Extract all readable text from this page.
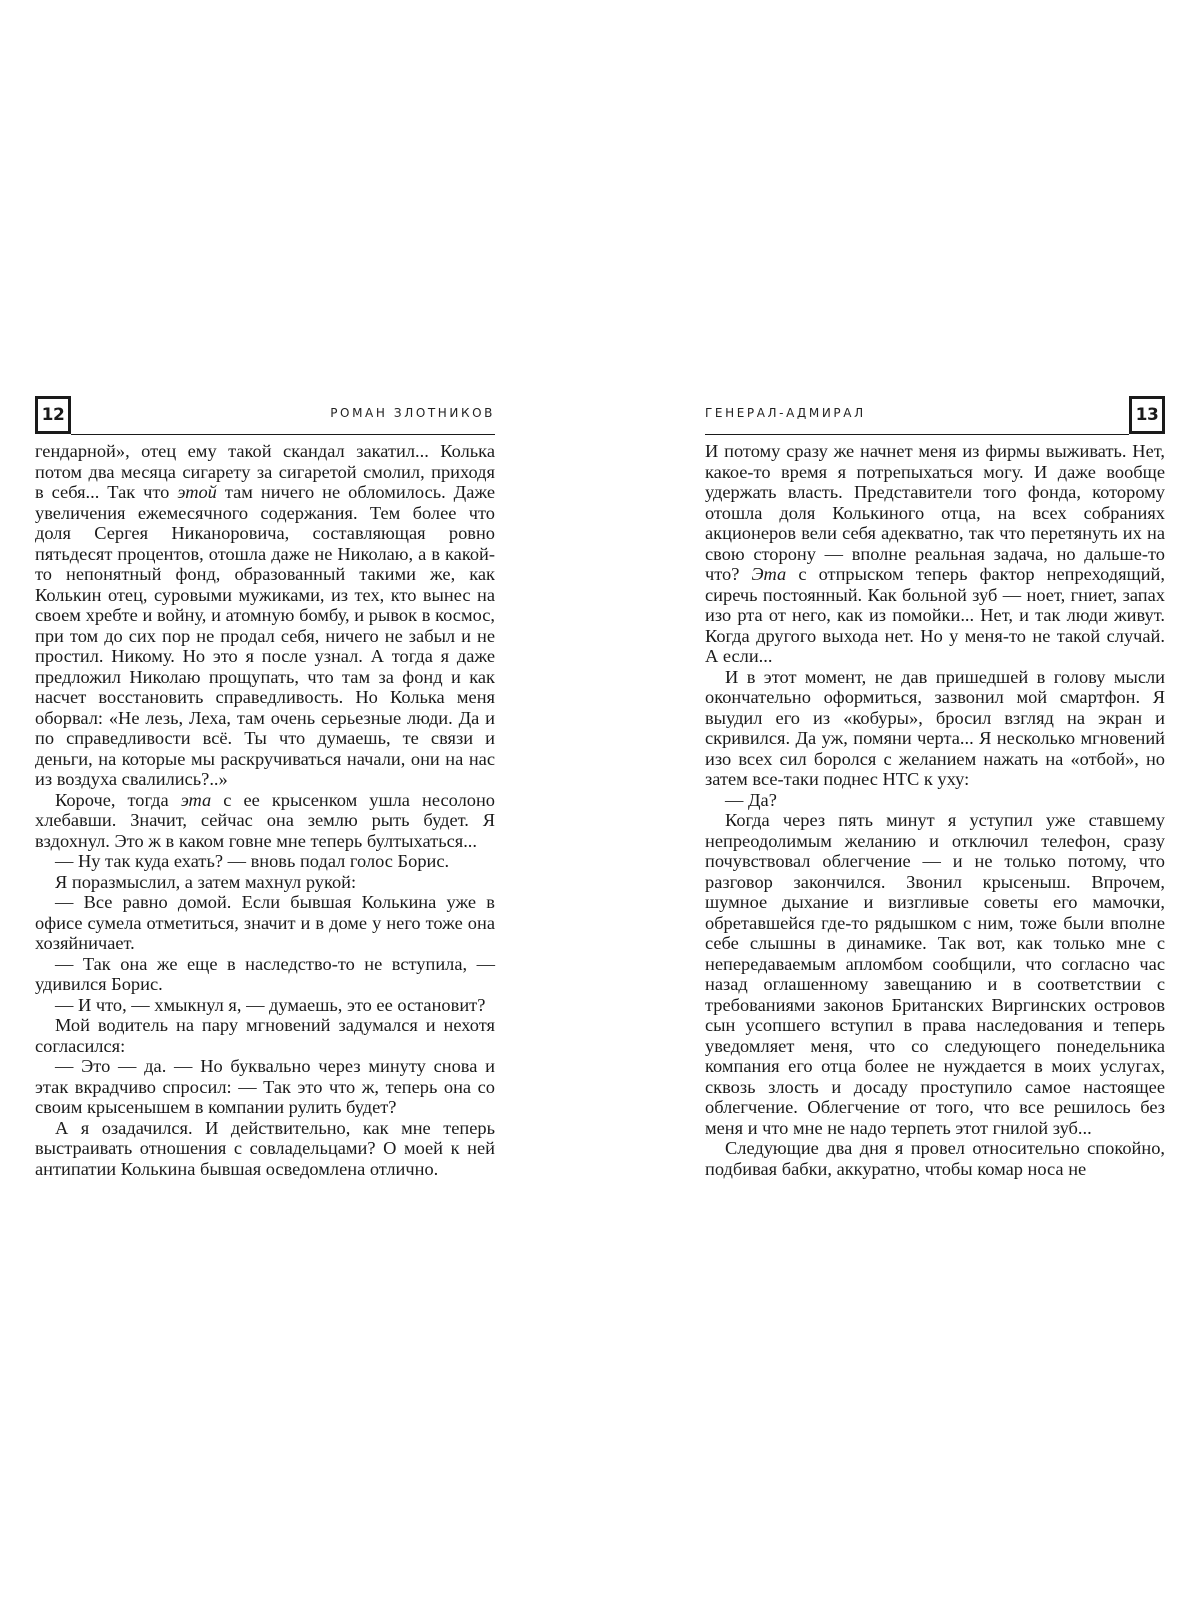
12	РОМАН ЗЛОТНИКОВ

гендарной», отец ему такой скандал закатил... Колька потом два месяца сигарету за сигаретой смолил, приходя в себя... Так что этой там ничего не обломилось. Даже увеличения ежемесячного содержания. Тем более что доля Сергея Никаноровича, составляющая ровно пятьдесят процентов, отошла даже не Николаю, а в какой-то непонятный фонд, образованный такими же, как Колькин отец, суровыми мужиками, из тех, кто вынес на своем хребте и войну, и атомную бомбу, и рывок в космос, при том до сих пор не продал себя, ничего не забыл и не простил. Никому. Но это я после узнал. А тогда я даже предложил Николаю прощупать, что там за фонд и как насчет восстановить справедливость. Но Колька меня оборвал: «Не лезь, Леха, там очень серьезные люди. Да и по справедливости всё. Ты что думаешь, те связи и деньги, на которые мы раскручиваться начали, они на нас из воздуха свалились?..»

Короче, тогда эта с ее крысенком ушла несолоно хлебавши. Значит, сейчас она землю рыть будет. Я вздохнул. Это ж в каком говне мне теперь бултыхаться...

— Ну так куда ехать? — вновь подал голос Борис.

Я поразмыслил, а затем махнул рукой:

— Все равно домой. Если бывшая Колькина уже в офисе сумела отметиться, значит и в доме у него тоже она хозяйничает.

— Так она же еще в наследство-то не вступила, — удивился Борис.

— И что, — хмыкнул я, — думаешь, это ее остановит?

Мой водитель на пару мгновений задумался и нехотя согласился:

— Это — да. — Но буквально через минуту снова и этак вкрадчиво спросил: — Так это что ж, теперь она со своим крысенышем в компании рулить будет?

А я озадачился. И действительно, как мне теперь выстраивать отношения с совладельцами? О моей к ней антипатии Колькина бывшая осведомлена отлично.

ГЕНЕРАЛ-АДМИРАЛ	13

И потому сразу же начнет меня из фирмы выживать. Нет, какое-то время я потрепыхаться могу. И даже вообще удержать власть. Представители того фонда, которому отошла доля Колькиного отца, на всех собраниях акционеров вели себя адекватно, так что перетянуть их на свою сторону — вполне реальная задача, но дальше-то что? Эта с отпрыском теперь фактор непреходящий, сиречь постоянный. Как больной зуб — ноет, гниет, запах изо рта от него, как из помойки... Нет, и так люди живут. Когда другого выхода нет. Но у меня-то не такой случай. А если...

И в этот момент, не дав пришедшей в голову мысли окончательно оформиться, зазвонил мой смартфон. Я выудил его из «кобуры», бросил взгляд на экран и скривился. Да уж, помяни черта... Я несколько мгновений изо всех сил боролся с желанием нажать на «отбой», но затем все-таки поднес HTC к уху:

— Да?

Когда через пять минут я уступил уже ставшему непреодолимым желанию и отключил телефон, сразу почувствовал облегчение — и не только потому, что разговор закончился. Звонил крысеныш. Впрочем, шумное дыхание и визгливые советы его мамочки, обретавшейся где-то рядышком с ним, тоже были вполне себе слышны в динамике. Так вот, как только мне с непередаваемым апломбом сообщили, что согласно час назад оглашенному завещанию и в соответствии с требованиями законов Британских Виргинских островов сын усопшего вступил в права наследования и теперь уведомляет меня, что со следующего понедельника компания его отца более не нуждается в моих услугах, сквозь злость и досаду проступило самое настоящее облегчение. Облегчение от того, что все решилось без меня и что мне не надо терпеть этот гнилой зуб...

Следующие два дня я провел относительно спокойно, подбивая бабки, аккуратно, чтобы комар носа не
